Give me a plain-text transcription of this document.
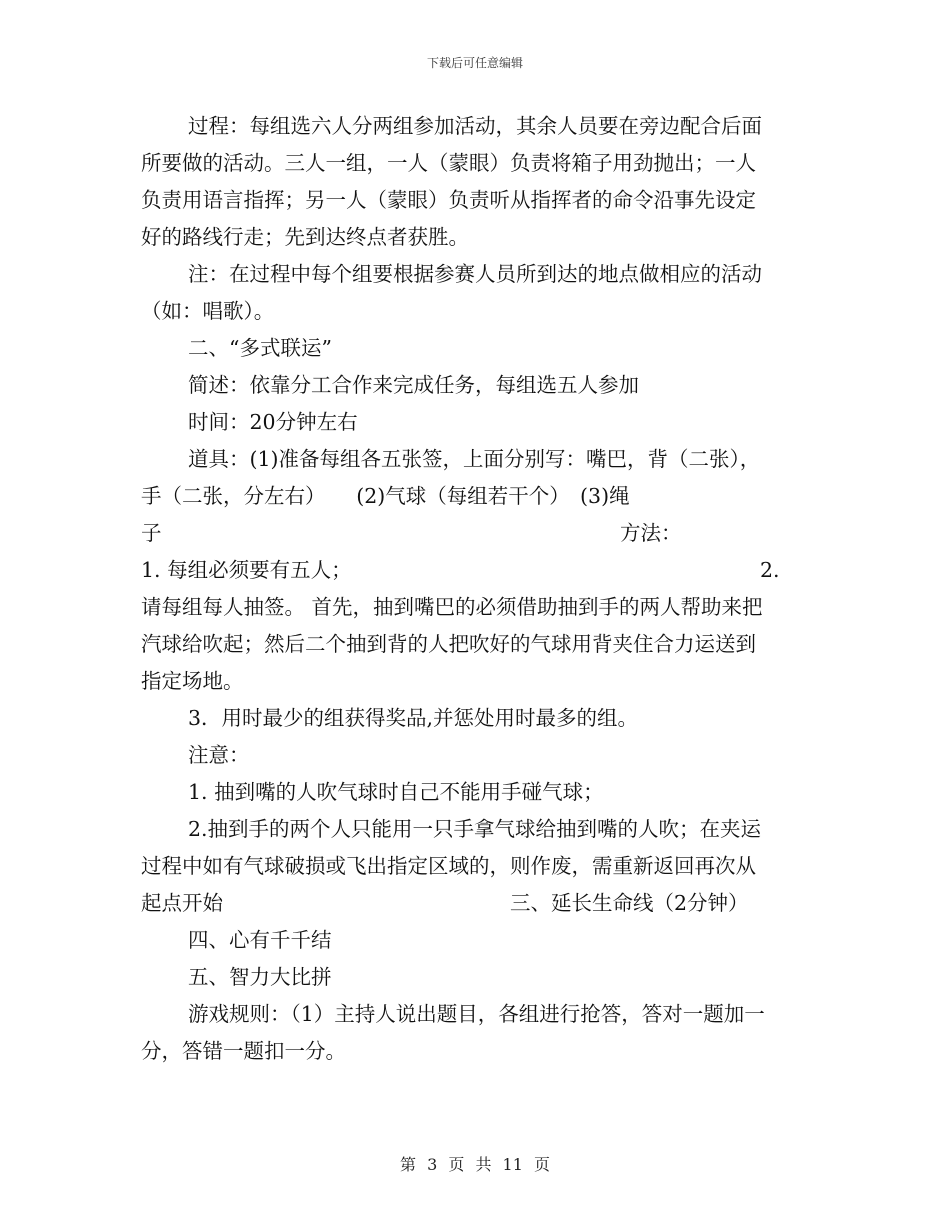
下载后可任意编辑
过程：每组选六人分两组参加活动，其余人员要在旁边配合后面
所要做的活动。三人一组，一人（蒙眼）负责将箱子用劲抛出；一人
负责用语言指挥；另一人（蒙眼）负责听从指挥者的命令沿事先设定
好的路线行走；先到达终点者获胜。
注：在过程中每个组要根据参赛人员所到达的地点做相应的活动
（如：唱歌）。
二、“多式联运”
简述：依靠分工合作来完成任务，每组选五人参加
时间：20分钟左右
道具：(1)准备每组各五张签，上面分别写：嘴巴，背（二张），
手（二张，分左右）　　(2)气球（每组若干个）　(3)绳
子	方法：
1. 每组必须要有五人；	2.
请每组每人抽签。 首先，抽到嘴巴的必须借助抽到手的两人帮助来把
汽球给吹起；然后二个抽到背的人把吹好的气球用背夹住合力运送到
指定场地。
3．用时最少的组获得奖品,并惩处用时最多的组。
注意：
1. 抽到嘴的人吹气球时自己不能用手碰气球；
2.抽到手的两个人只能用一只手拿气球给抽到嘴的人吹；在夹运
过程中如有气球破损或飞出指定区域的，则作废，需重新返回再次从
起点开始	三、延长生命线（2分钟）
四、心有千千结
五、智力大比拼
游戏规则：（1）主持人说出题目，各组进行抢答，答对一题加一
分，答错一题扣一分。
第 3 页 共 11 页
